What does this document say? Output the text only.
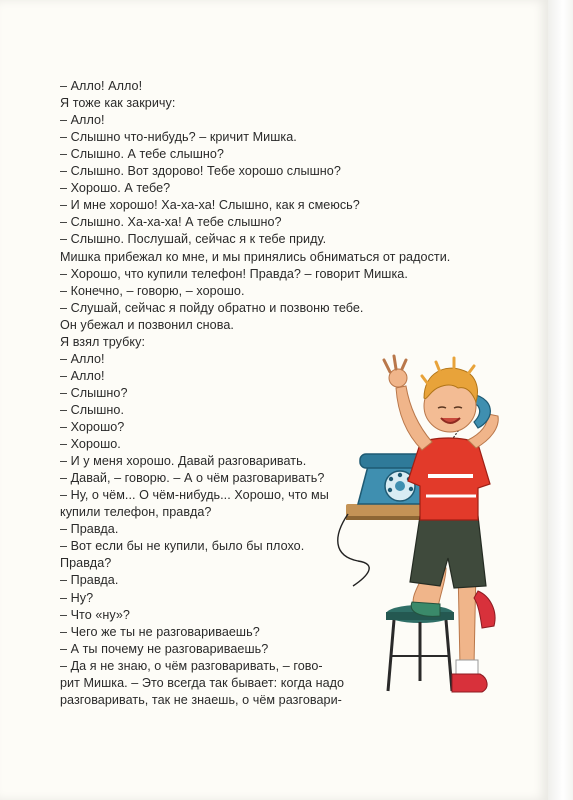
– Алло! Алло!
Я тоже как закричу:
– Алло!
– Слышно что-нибудь? – кричит Мишка.
– Слышно. А тебе слышно?
– Слышно. Вот здорово! Тебе хорошо слышно?
– Хорошо. А тебе?
– И мне хорошо! Ха-ха-ха! Слышно, как я смеюсь?
– Слышно. Ха-ха-ха! А тебе слышно?
– Слышно. Послушай, сейчас я к тебе приду.
Мишка прибежал ко мне, и мы принялись обниматься от радости.
– Хорошо, что купили телефон! Правда? – говорит Мишка.
– Конечно, – говорю, – хорошо.
– Слушай, сейчас я пойду обратно и позвоню тебе.
Он убежал и позвонил снова.
Я взял трубку:
– Алло!
– Алло!
– Слышно?
– Слышно.
– Хорошо?
– Хорошо.
– И у меня хорошо. Давай разговаривать.
– Давай, – говорю. – А о чём разговаривать?
– Ну, о чём... О чём-нибудь... Хорошо, что мы
купили телефон, правда?
– Правда.
– Вот если бы не купили, было бы плохо.
Правда?
– Правда.
– Ну?
– Что «ну»?
– Чего же ты не разговариваешь?
– А ты почему не разговариваешь?
– Да я не знаю, о чём разговаривать, – гово-
рит Мишка. – Это всегда так бывает: когда надо
разговаривать, так не знаешь, о чём разговари-
